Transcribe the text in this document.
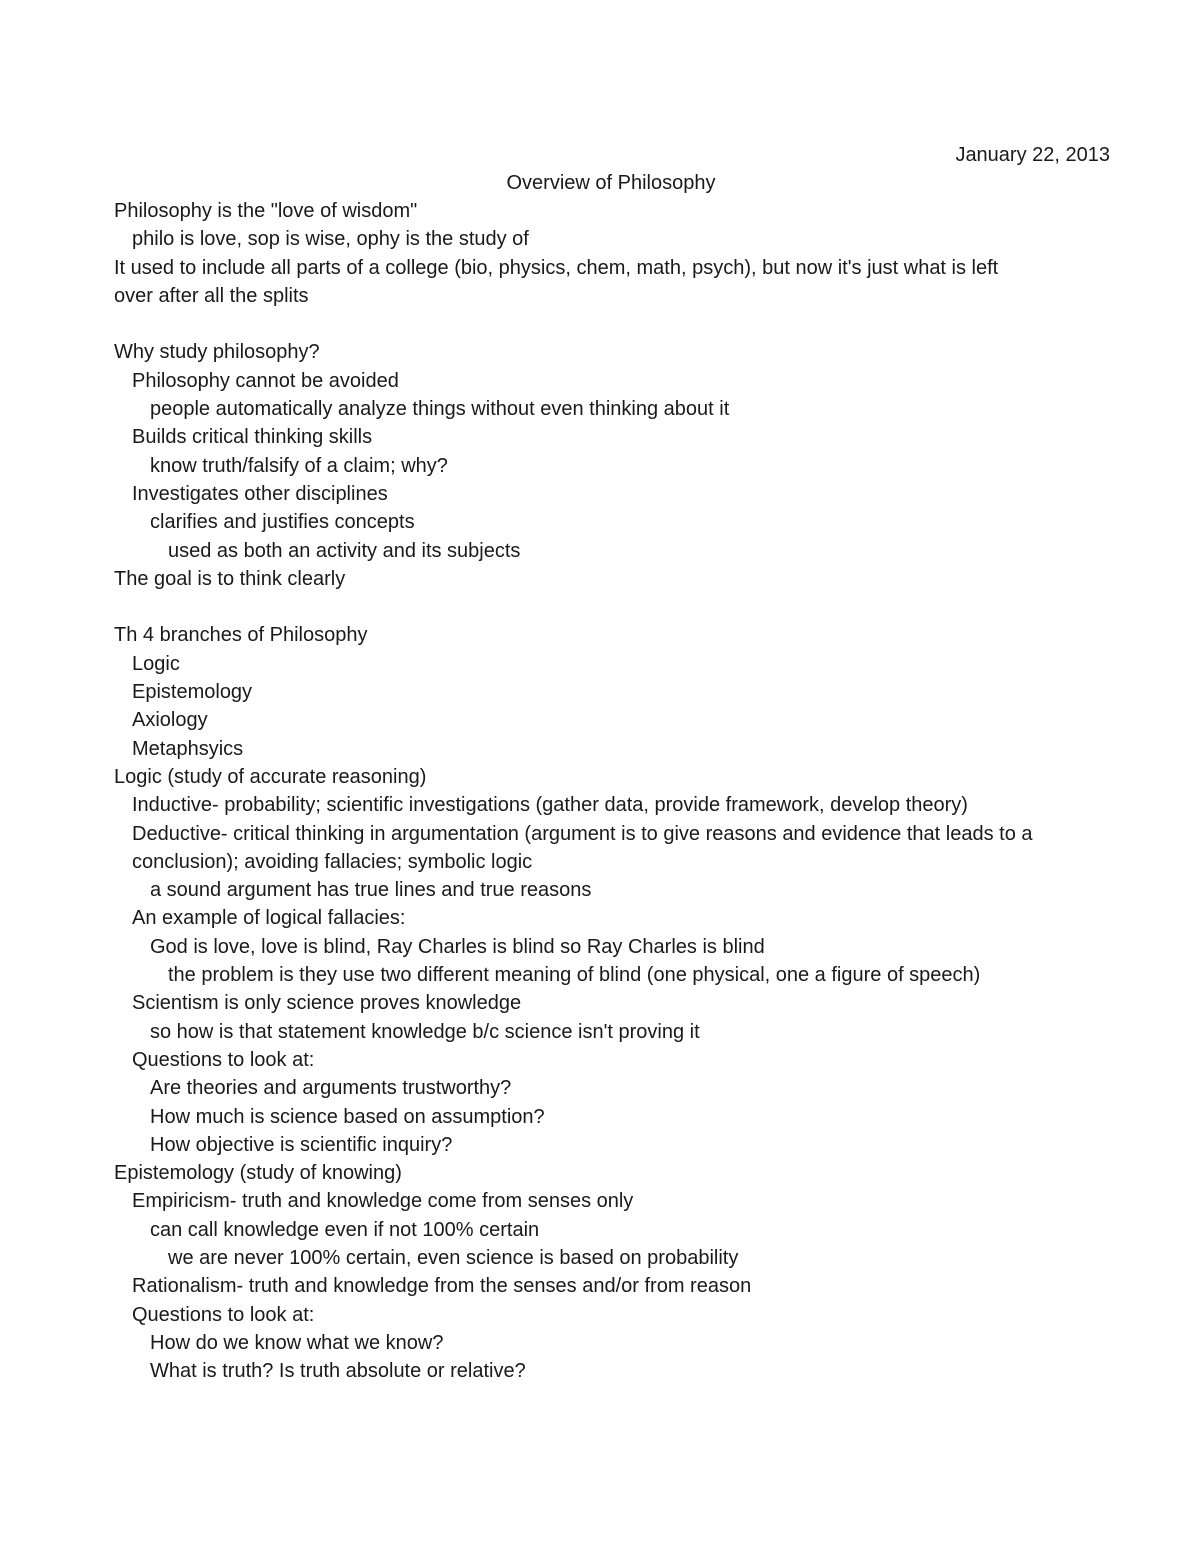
January 22, 2013
Overview of Philosophy
Philosophy is the "love of wisdom"
philo is love, sop is wise, ophy is the study of
It used to include all parts of a college (bio, physics, chem, math, psych), but now it's just what is left
over after all the splits
Why study philosophy?
Philosophy cannot be avoided
people automatically analyze things without even thinking about it
Builds critical thinking skills
know truth/falsify of a claim; why?
Investigates other disciplines
clarifies and justifies concepts
used as both an activity and its subjects
The goal is to think clearly
Th 4 branches of Philosophy
Logic
Epistemology
Axiology
Metaphsyics
Logic (study of accurate reasoning)
Inductive- probability; scientific investigations (gather data, provide framework, develop theory)
Deductive- critical thinking in argumentation (argument is to give reasons and evidence that leads to a
conclusion); avoiding fallacies; symbolic logic
a sound argument has true lines and true reasons
An example of logical fallacies:
God is love, love is blind, Ray Charles is blind so Ray Charles is blind
the problem is they use two different meaning of blind (one physical, one a figure of speech)
Scientism is only science proves knowledge
so how is that statement knowledge b/c science isn't proving it
Questions to look at:
Are theories and arguments trustworthy?
How much is science based on assumption?
How objective is scientific inquiry?
Epistemology (study of knowing)
Empiricism- truth and knowledge come from senses only
can call knowledge even if not 100% certain
we are never 100% certain, even science is based on probability
Rationalism- truth and knowledge from the senses and/or from reason
Questions to look at:
How do we know what we know?
What is truth? Is truth absolute or relative?
